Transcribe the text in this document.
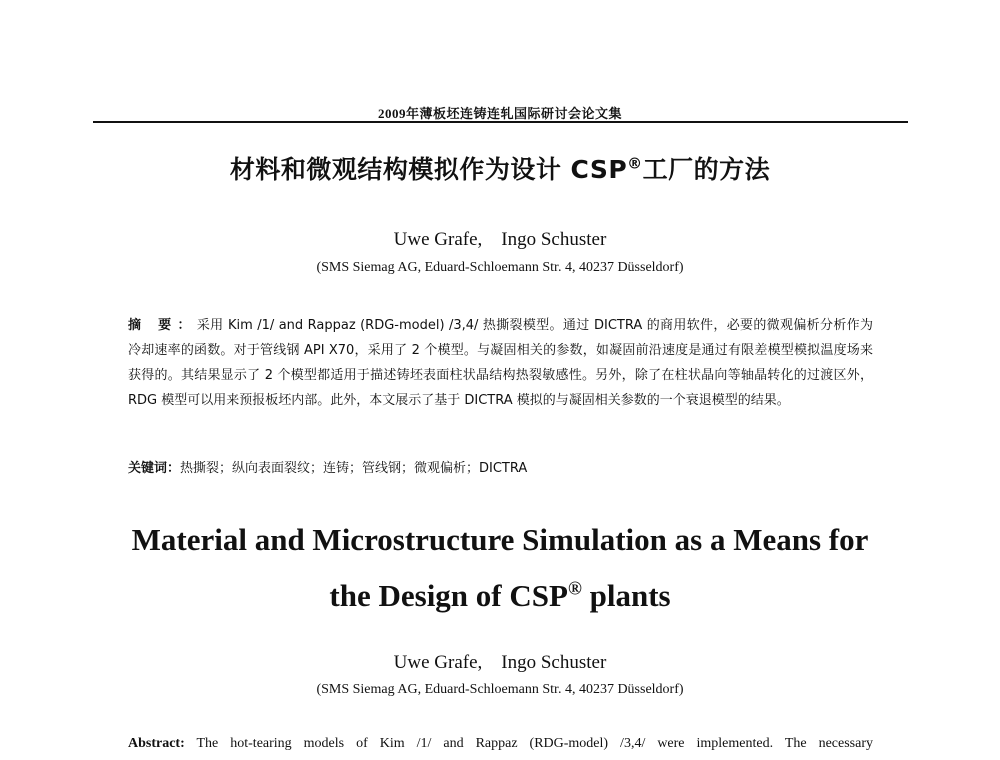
2009年薄板坯连铸连轧国际研讨会论文集
材料和微观结构模拟作为设计 CSP®工厂的方法
Uwe Grafe,    Ingo Schuster
(SMS Siemag AG, Eduard-Schloemann Str. 4, 40237 Düsseldorf)
摘 要：采用 Kim /1/ and Rappaz (RDG-model) /3,4/ 热撕裂模型。通过 DICTRA 的商用软件，必要的微观偏析分析作为冷却速率的函数。对于管线钢 API X70，采用了 2 个模型。与凝固相关的参数，如凝固前沿速度是通过有限差模型模拟温度场来获得的。其结果显示了 2 个模型都适用于描述铸坯表面柱状晶结构热裂敏感性。另外，除了在柱状晶向等轴晶转化的过渡区外，RDG 模型可以用来预报板坯内部。此外，本文展示了基于 DICTRA 模拟的与凝固相关参数的一个衰退模型的结果。
关键词：热撕裂；纵向表面裂纹；连铸；管线钢；微观偏析；DICTRA
Material and Microstructure Simulation as a Means for
the Design of CSP® plants
Uwe Grafe,    Ingo Schuster
(SMS Siemag AG, Eduard-Schloemann Str. 4, 40237 Düsseldorf)
Abstract: The hot-tearing models of Kim /1/ and Rappaz (RDG-model) /3,4/ were implemented. The necessary
